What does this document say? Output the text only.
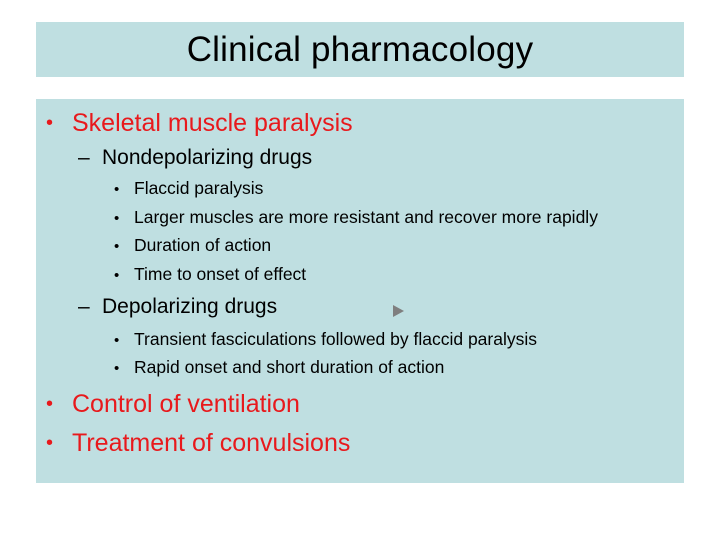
Clinical pharmacology
• Skeletal muscle paralysis
– Nondepolarizing drugs
• Flaccid paralysis
• Larger muscles are more resistant and recover more rapidly
• Duration of action
• Time to onset of effect
– Depolarizing drugs
• Transient fasciculations followed by flaccid paralysis
• Rapid onset and short duration of action
• Control of ventilation
• Treatment of convulsions
